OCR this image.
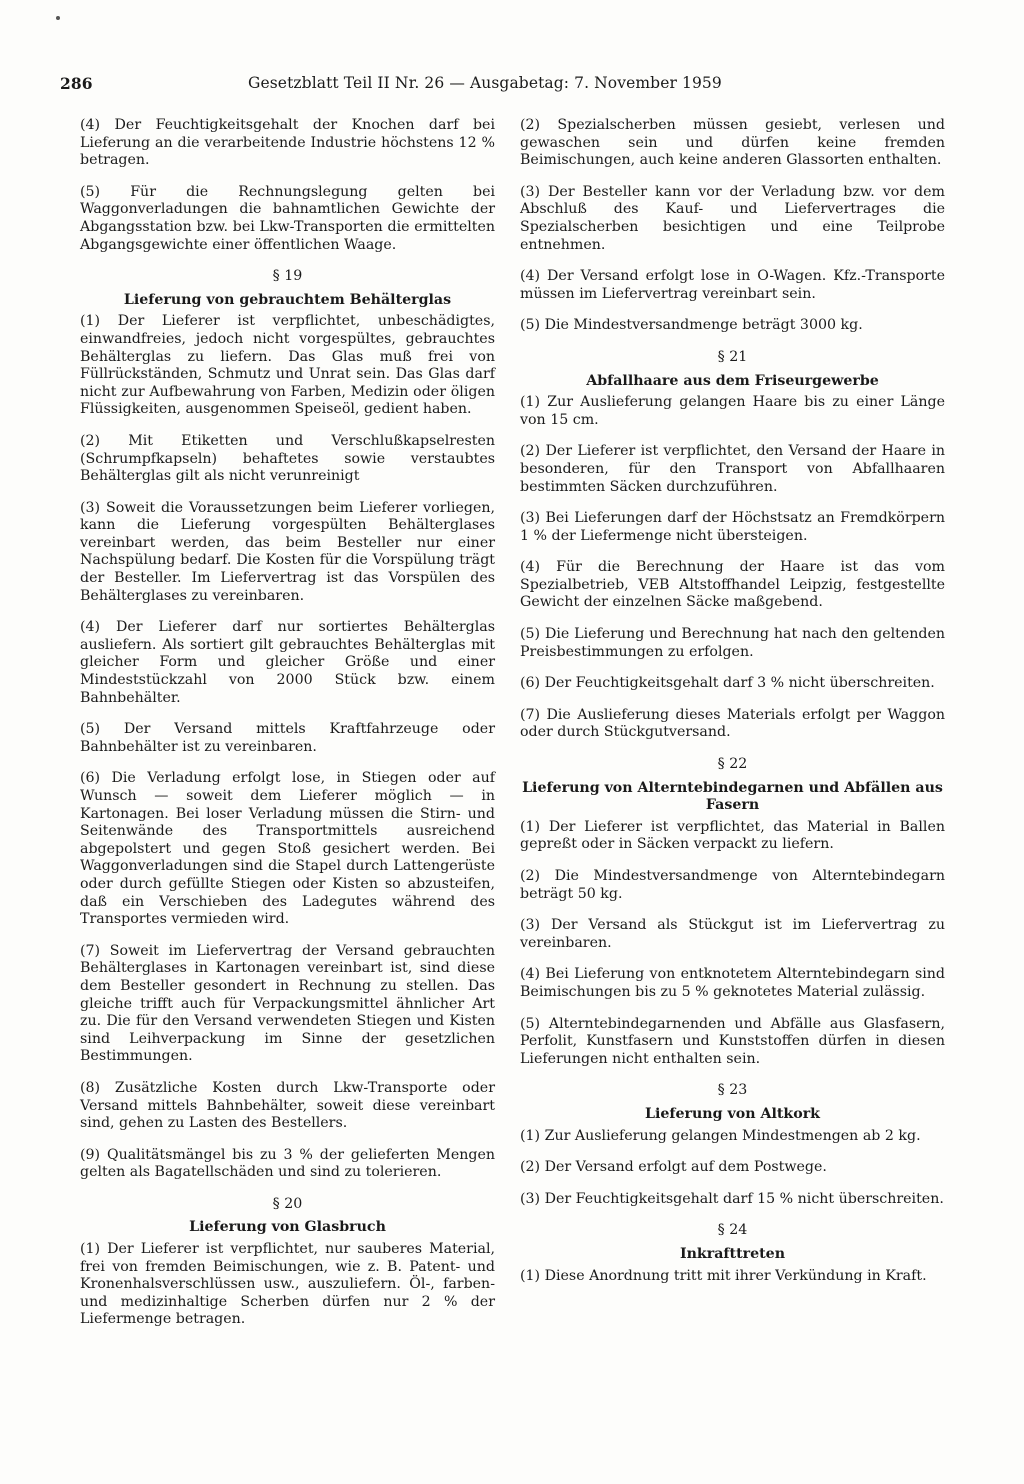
286	Gesetzblatt Teil II Nr. 26 — Ausgabetag: 7. November 1959

(4) Der Feuchtigkeitsgehalt der Knochen darf bei Lieferung an die verarbeitende Industrie höchstens 12 % betragen.

(5) Für die Rechnungslegung gelten bei Waggonverladungen die bahnamtlichen Gewichte der Abgangsstation bzw. bei Lkw-Transporten die ermittelten Abgangsgewichte einer öffentlichen Waage.

§ 19
Lieferung von gebrauchtem Behälterglas

(1) Der Lieferer ist verpflichtet, unbeschädigtes, einwandfreies, jedoch nicht vorgespültes, gebrauchtes Behälterglas zu liefern. Das Glas muß frei von Füllrückständen, Schmutz und Unrat sein. Das Glas darf nicht zur Aufbewahrung von Farben, Medizin oder öligen Flüssigkeiten, ausgenommen Speiseöl, gedient haben.

(2) Mit Etiketten und Verschlußkapselresten (Schrumpfkapseln) behaftetes sowie verstaubtes Behälterglas gilt als nicht verunreinigt

(3) Soweit die Voraussetzungen beim Lieferer vorliegen, kann die Lieferung vorgespülten Behälterglases vereinbart werden, das beim Besteller nur einer Nachspülung bedarf. Die Kosten für die Vorspülung trägt der Besteller. Im Liefervertrag ist das Vorspülen des Behälterglases zu vereinbaren.

(4) Der Lieferer darf nur sortiertes Behälterglas ausliefern. Als sortiert gilt gebrauchtes Behälterglas mit gleicher Form und gleicher Größe und einer Mindeststückzahl von 2000 Stück bzw. einem Bahnbehälter.

(5) Der Versand mittels Kraftfahrzeuge oder Bahnbehälter ist zu vereinbaren.

(6) Die Verladung erfolgt lose, in Stiegen oder auf Wunsch — soweit dem Lieferer möglich — in Kartonagen. Bei loser Verladung müssen die Stirn- und Seitenwände des Transportmittels ausreichend abgepolstert und gegen Stoß gesichert werden. Bei Waggonverladungen sind die Stapel durch Lattengerüste oder durch gefüllte Stiegen oder Kisten so abzusteifen, daß ein Verschieben des Ladegutes während des Transportes vermieden wird.

(7) Soweit im Liefervertrag der Versand gebrauchten Behälterglases in Kartonagen vereinbart ist, sind diese dem Besteller gesondert in Rechnung zu stellen. Das gleiche trifft auch für Verpackungsmittel ähnlicher Art zu. Die für den Versand verwendeten Stiegen und Kisten sind Leihverpackung im Sinne der gesetzlichen Bestimmungen.

(8) Zusätzliche Kosten durch Lkw-Transporte oder Versand mittels Bahnbehälter, soweit diese vereinbart sind, gehen zu Lasten des Bestellers.

(9) Qualitätsmängel bis zu 3 % der gelieferten Mengen gelten als Bagatellschäden und sind zu tolerieren.

§ 20
Lieferung von Glasbruch

(1) Der Lieferer ist verpflichtet, nur sauberes Material, frei von fremden Beimischungen, wie z. B. Patent- und Kronenhalsverschlüssen usw., auszuliefern. Öl-, farben- und medizinhaltige Scherben dürfen nur 2 % der Liefermenge betragen.

(2) Spezialscherben müssen gesiebt, verlesen und gewaschen sein und dürfen keine fremden Beimischungen, auch keine anderen Glassorten enthalten.

(3) Der Besteller kann vor der Verladung bzw. vor dem Abschluß des Kauf- und Liefervertrages die Spezialscherben besichtigen und eine Teilprobe entnehmen.

(4) Der Versand erfolgt lose in O-Wagen. Kfz.-Transporte müssen im Liefervertrag vereinbart sein.

(5) Die Mindestversandmenge beträgt 3000 kg.

§ 21
Abfallhaare aus dem Friseurgewerbe

(1) Zur Auslieferung gelangen Haare bis zu einer Länge von 15 cm.

(2) Der Lieferer ist verpflichtet, den Versand der Haare in besonderen, für den Transport von Abfallhaaren bestimmten Säcken durchzuführen.

(3) Bei Lieferungen darf der Höchstsatz an Fremdkörpern 1 % der Liefermenge nicht übersteigen.

(4) Für die Berechnung der Haare ist das vom Spezialbetrieb, VEB Altstoffhandel Leipzig, festgestellte Gewicht der einzelnen Säcke maßgebend.

(5) Die Lieferung und Berechnung hat nach den geltenden Preisbestimmungen zu erfolgen.

(6) Der Feuchtigkeitsgehalt darf 3 % nicht überschreiten.

(7) Die Auslieferung dieses Materials erfolgt per Waggon oder durch Stückgutversand.

§ 22
Lieferung von Alterntebindegarnen und Abfällen aus Fasern

(1) Der Lieferer ist verpflichtet, das Material in Ballen gepreßt oder in Säcken verpackt zu liefern.

(2) Die Mindestversandmenge von Alterntebindegarn beträgt 50 kg.

(3) Der Versand als Stückgut ist im Liefervertrag zu vereinbaren.

(4) Bei Lieferung von entknotetem Alterntebindegarn sind Beimischungen bis zu 5 % geknotetes Material zulässig.

(5) Alterntebindegarnenden und Abfälle aus Glasfasern, Perfolit, Kunstfasern und Kunststoffen dürfen in diesen Lieferungen nicht enthalten sein.

§ 23
Lieferung von Altkork

(1) Zur Auslieferung gelangen Mindestmengen ab 2 kg.

(2) Der Versand erfolgt auf dem Postwege.

(3) Der Feuchtigkeitsgehalt darf 15 % nicht überschreiten.

§ 24
Inkrafttreten

(1) Diese Anordnung tritt mit ihrer Verkündung in Kraft.
